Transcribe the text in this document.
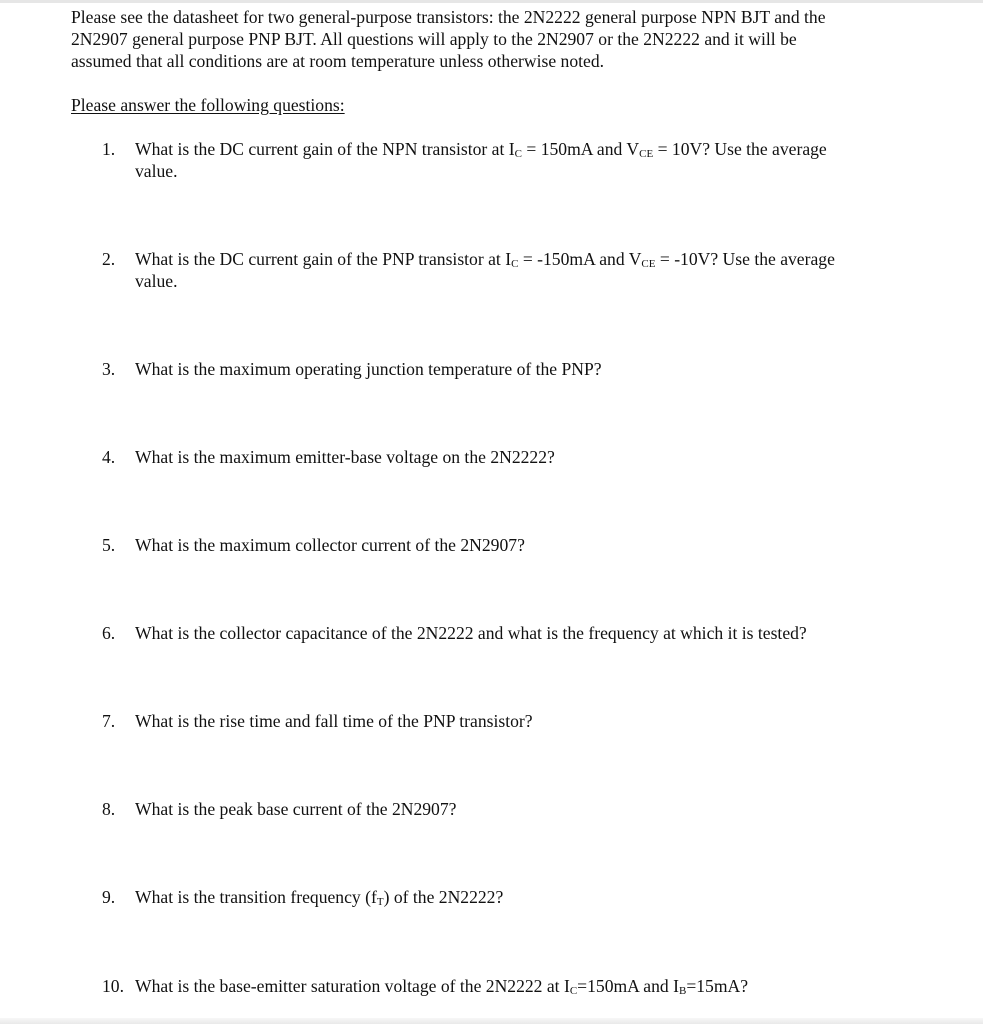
Please see the datasheet for two general-purpose transistors: the 2N2222 general purpose NPN BJT and the
2N2907 general purpose PNP BJT. All questions will apply to the 2N2907 or the 2N2222 and it will be
assumed that all conditions are at room temperature unless otherwise noted.
Please answer the following questions:
1. What is the DC current gain of the NPN transistor at $I_C = 150mA$ and $V_{CE} = 10V$? Use the average
value.
2. What is the DC current gain of the PNP transistor at $I_C = -150mA$ and $V_{CE} = -10V$? Use the average
value.
3. What is the maximum operating junction temperature of the PNP?
4. What is the maximum emitter-base voltage on the 2N2222?
5. What is the maximum collector current of the 2N2907?
6. What is the collector capacitance of the 2N2222 and what is the frequency at which it is tested?
7. What is the rise time and fall time of the PNP transistor?
8. What is the peak base current of the 2N2907?
9. What is the transition frequency $(f_T)$ of the 2N2222?
10. What is the base-emitter saturation voltage of the 2N2222 at $I_C=150mA$ and $I_B=15mA$?
